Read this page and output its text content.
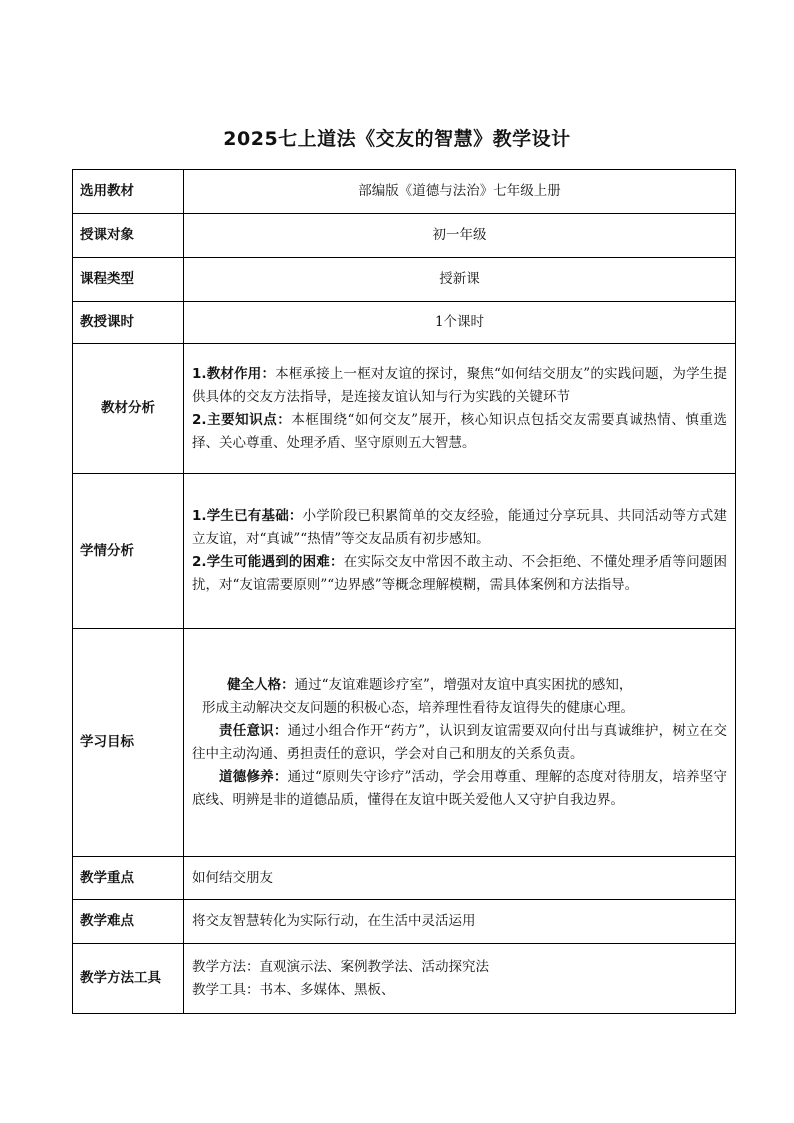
2025七上道法《交友的智慧》教学设计
选用教材	部编版《道德与法治》七年级上册
授课对象	初一年级
课程类型	授新课
教授课时	1个课时
教材分析	1.教材作用：本框承接上一框对友谊的探讨，聚焦“如何结交朋友”的实践问题，为学生提供具体的交友方法指导，是连接友谊认知与行为实践的关键环节

2.主要知识点：本框围绕“如何交友”展开，核心知识点包括交友需要真诚热情、慎重选择、关心尊重、处理矛盾、坚守原则五大智慧。

学情分析	1.学生已有基础：小学阶段已积累简单的交友经验，能通过分享玩具、共同活动等方式建立友谊，对“真诚”“热情”等交友品质有初步感知。

2.学生可能遇到的困难：在实际交友中常因不敢主动、不会拒绝、不懂处理矛盾等问题困扰，对“友谊需要原则”“边界感”等概念理解模糊，需具体案例和方法指导。

学习目标	健全人格：通过“友谊难题诊疗室”，增强对友谊中真实困扰的感知，
形成主动解决交友问题的积极心态，培养理性看待友谊得失的健康心理。

责任意识：通过小组合作开“药方”，认识到友谊需要双向付出与真诚维护，树立在交往中主动沟通、勇担责任的意识，学会对自己和朋友的关系负责。

道德修养：通过“原则失守诊疗”活动，学会用尊重、理解的态度对待朋友，培养坚守底线、明辨是非的道德品质，懂得在友谊中既关爱他人又守护自我边界。

教学重点	如何结交朋友
教学难点	将交友智慧转化为实际行动，在生活中灵活运用
教学方法工具	教学方法：直观演示法、案例教学法、活动探究法
教学工具：书本、多媒体、黑板、
